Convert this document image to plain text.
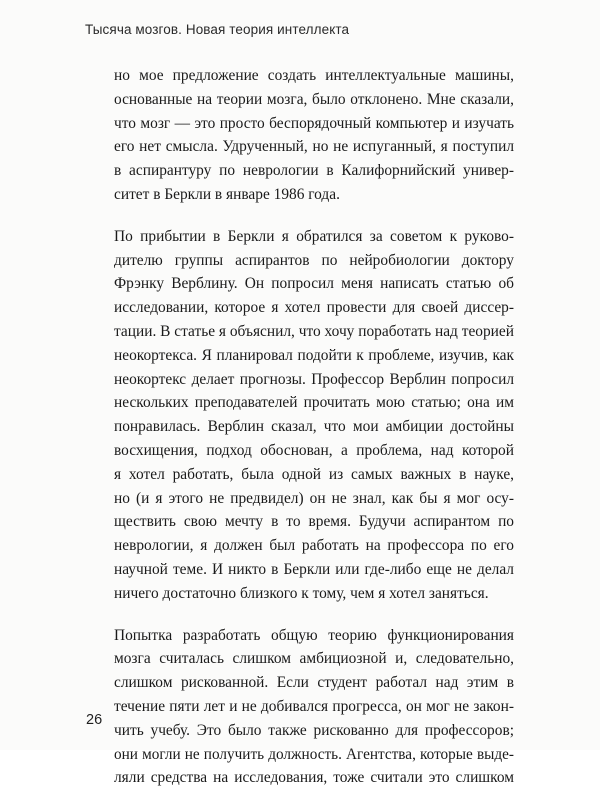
Тысяча мозгов. Новая теория интеллекта
но мое предложение создать интеллектуальные машины,
основанные на теории мозга, было отклонено. Мне сказали,
что мозг — это просто беспорядочный компьютер и изучать
его нет смысла. Удрученный, но не испуганный, я поступил
в аспирантуру по неврологии в Калифорнийский универ-
ситет в Беркли в январе 1986 года.
По прибытии в Беркли я обратился за советом к руково-
дителю группы аспирантов по нейробиологии доктору
Фрэнку Верблину. Он попросил меня написать статью об
исследовании, которое я хотел провести для своей диссер-
тации. В статье я объяснил, что хочу поработать над теорией
неокортекса. Я планировал подойти к проблеме, изучив, как
неокортекс делает прогнозы. Профессор Верблин попросил
нескольких преподавателей прочитать мою статью; она им
понравилась. Верблин сказал, что мои амбиции достойны
восхищения, подход обоснован, а проблема, над которой
я хотел работать, была одной из самых важных в науке,
но (и я этого не предвидел) он не знал, как бы я мог осу-
ществить свою мечту в то время. Будучи аспирантом по
неврологии, я должен был работать на профессора по его
научной теме. И никто в Беркли или где-либо еще не делал
ничего достаточно близкого к тому, чем я хотел заняться.
Попытка разработать общую теорию функционирования
мозга считалась слишком амбициозной и, следовательно,
слишком рискованной. Если студент работал над этим в
течение пяти лет и не добивался прогресса, он мог не закон-
чить учебу. Это было также рискованно для профессоров;
они могли не получить должность. Агентства, которые выде-
ляли средства на исследования, тоже считали это слишком
26
